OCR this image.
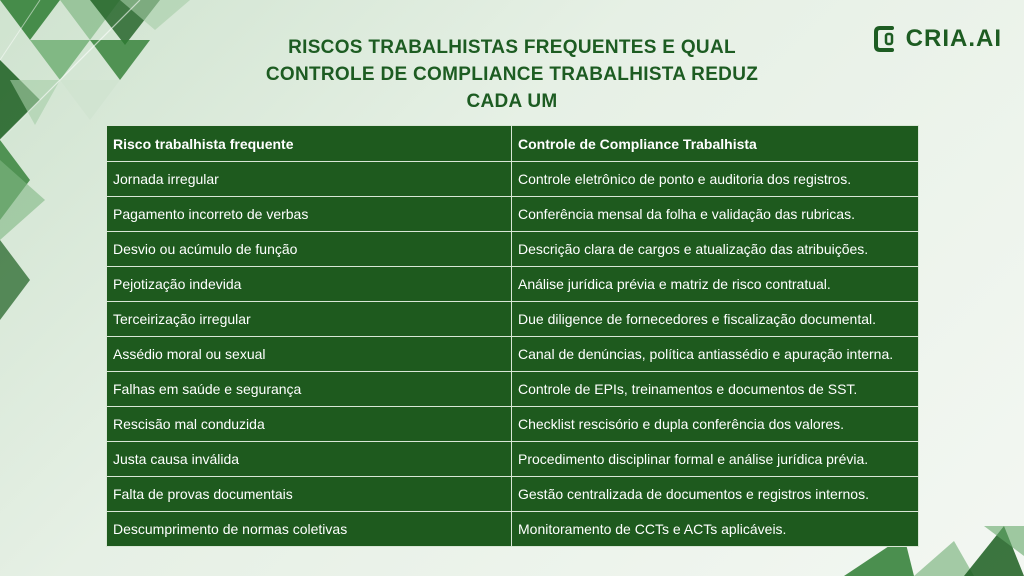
RISCOS TRABALHISTAS FREQUENTES E QUAL
CONTROLE DE COMPLIANCE TRABALHISTA REDUZ
CADA UM
CRIA.AI
Risco trabalhista frequente	Controle de Compliance Trabalhista
Jornada irregular	Controle eletrônico de ponto e auditoria dos registros.
Pagamento incorreto de verbas	Conferência mensal da folha e validação das rubricas.
Desvio ou acúmulo de função	Descrição clara de cargos e atualização das atribuições.
Pejotização indevida	Análise jurídica prévia e matriz de risco contratual.
Terceirização irregular	Due diligence de fornecedores e fiscalização documental.
Assédio moral ou sexual	Canal de denúncias, política antiassédio e apuração interna.
Falhas em saúde e segurança	Controle de EPIs, treinamentos e documentos de SST.
Rescisão mal conduzida	Checklist rescisório e dupla conferência dos valores.
Justa causa inválida	Procedimento disciplinar formal e análise jurídica prévia.
Falta de provas documentais	Gestão centralizada de documentos e registros internos.
Descumprimento de normas coletivas	Monitoramento de CCTs e ACTs aplicáveis.
